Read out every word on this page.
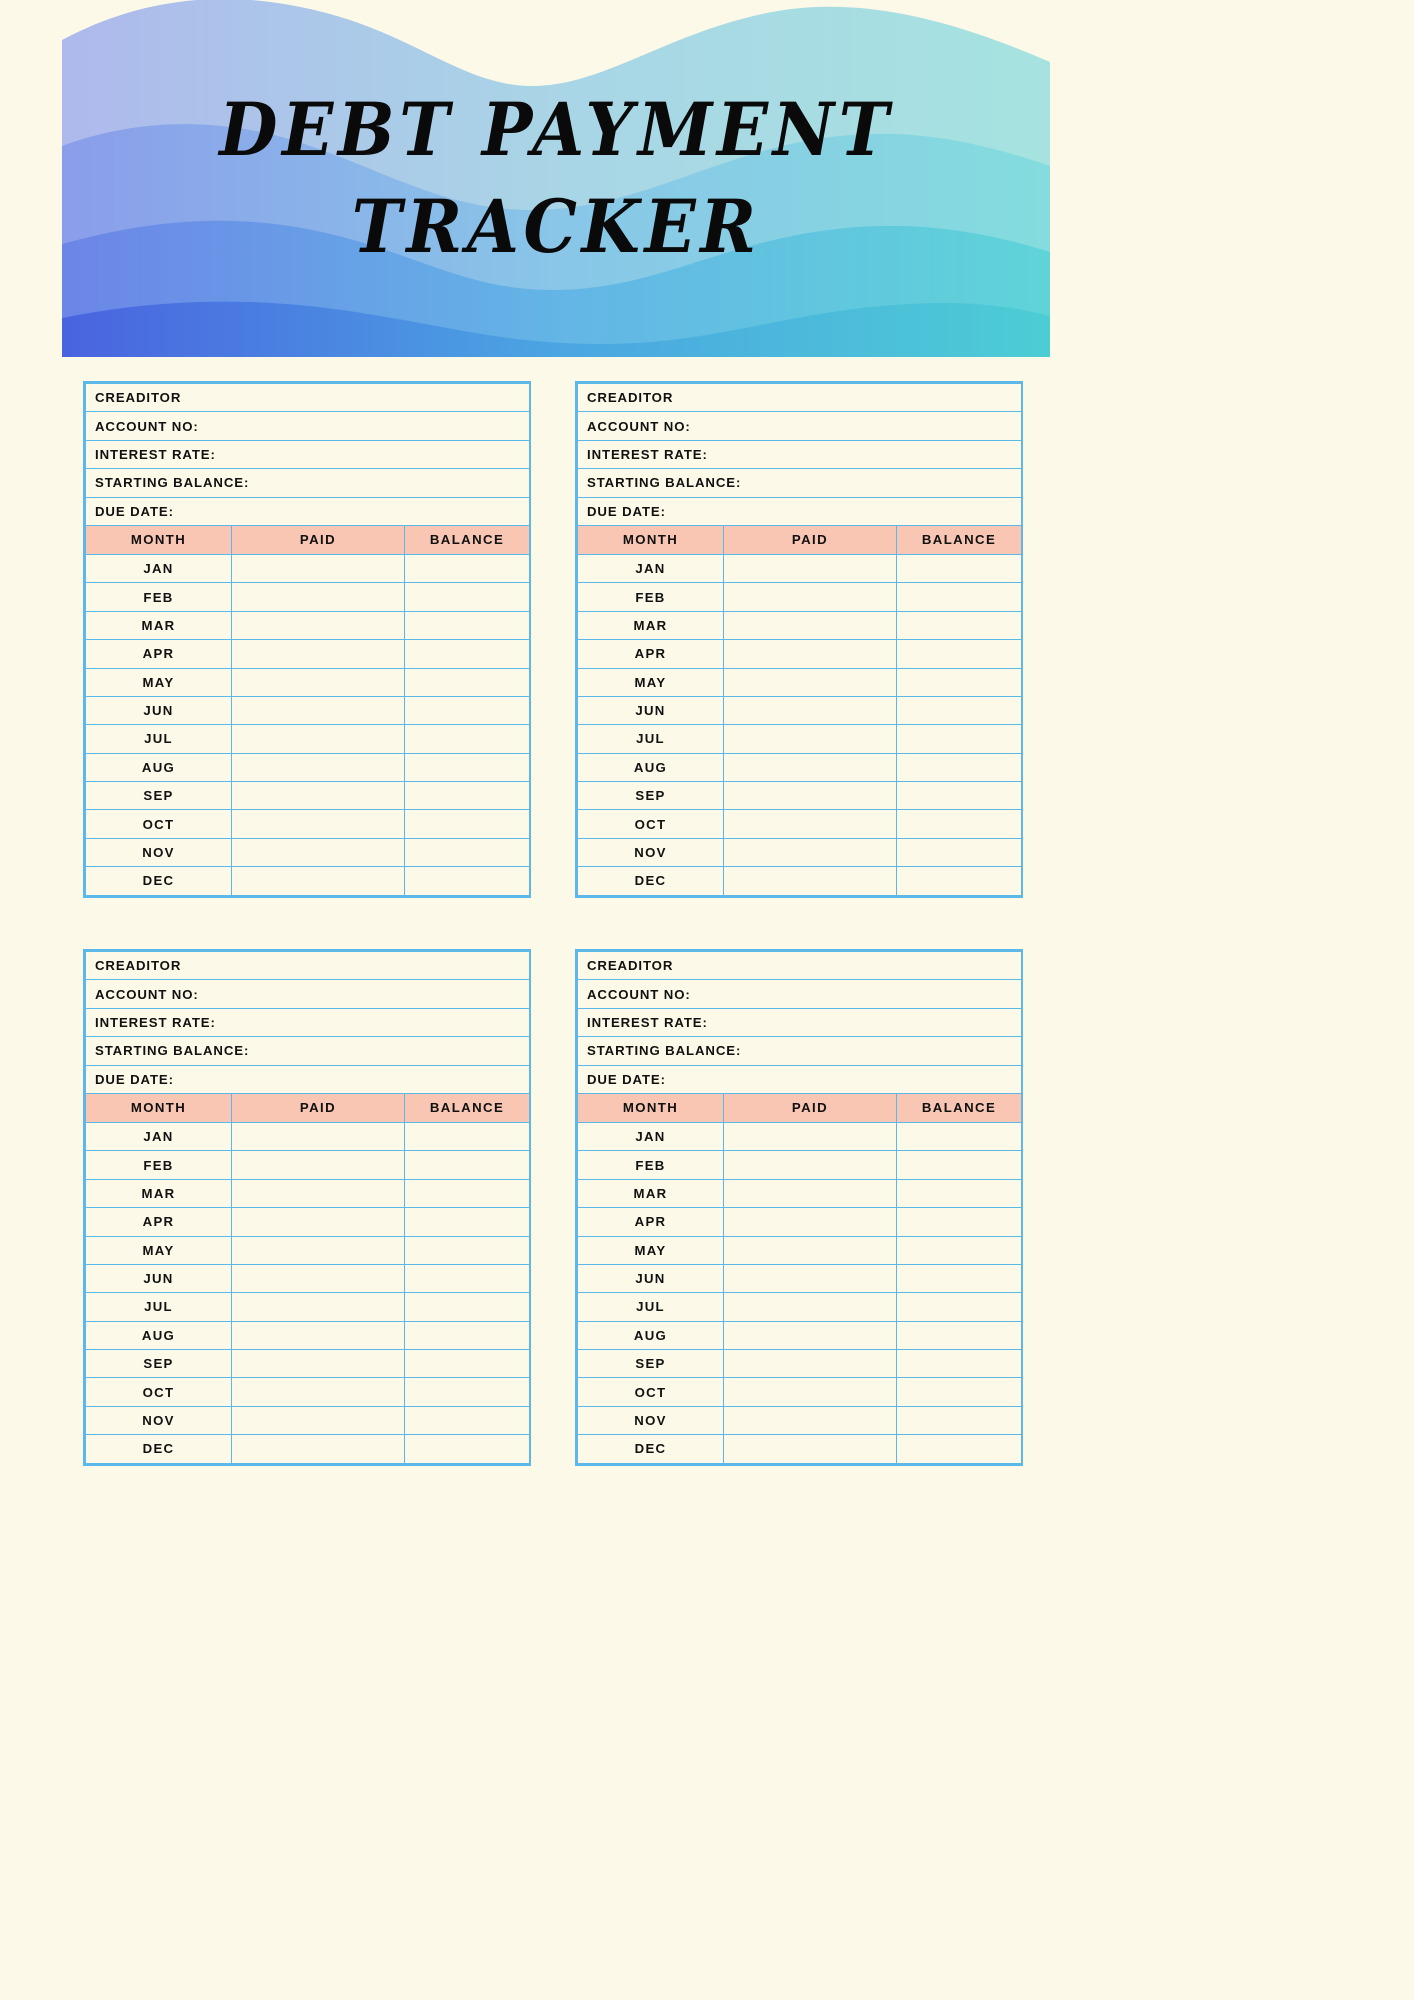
DEBT PAYMENT
TRACKER
CREADITOR		
ACCOUNT NO:		
INTEREST RATE:		
STARTING BALANCE:		
DUE DATE:		
MONTH	PAID	BALANCE
JAN		
FEB		
MAR		
APR		
MAY		
JUN		
JUL		
AUG		
SEP		
OCT		
NOV		
DEC		
CREADITOR		
ACCOUNT NO:		
INTEREST RATE:		
STARTING BALANCE:		
DUE DATE:		
MONTH	PAID	BALANCE
JAN		
FEB		
MAR		
APR		
MAY		
JUN		
JUL		
AUG		
SEP		
OCT		
NOV		
DEC		
CREADITOR		
ACCOUNT NO:		
INTEREST RATE:		
STARTING BALANCE:		
DUE DATE:		
MONTH	PAID	BALANCE
JAN		
FEB		
MAR		
APR		
MAY		
JUN		
JUL		
AUG		
SEP		
OCT		
NOV		
DEC		
CREADITOR		
ACCOUNT NO:		
INTEREST RATE:		
STARTING BALANCE:		
DUE DATE:		
MONTH	PAID	BALANCE
JAN		
FEB		
MAR		
APR		
MAY		
JUN		
JUL		
AUG		
SEP		
OCT		
NOV		
DEC		
